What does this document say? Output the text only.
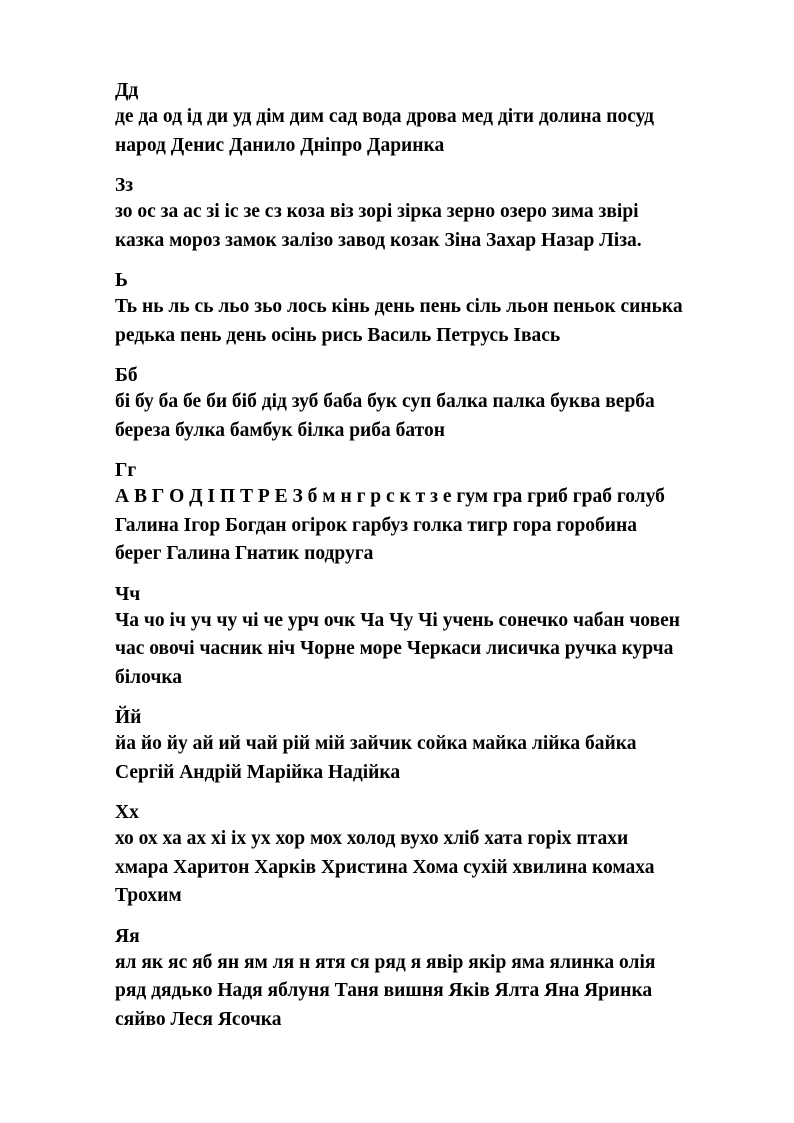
Дд
де да од ід ди уд дім дим сад вода дрова мед діти долина посуд
народ Денис Данило Дніпро Даринка
Зз
зо ос за ас зі іс зе сз коза віз зорі зірка зерно озеро зима звірі
казка мороз замок залізо завод козак Зіна Захар Назар Ліза.
Ь
Ть нь ль сь льо зьо лось кінь день пень сіль льон пеньок синька
редька пень день осінь рись Василь Петрусь Івась
Бб
бі бу ба бе би біб дід зуб баба бук суп балка палка буква верба
береза булка бамбук білка риба батон
Гг
А В Г О Д І П Т Р Е З б м н г р с к т з е гум гра гриб граб голуб
Галина Ігор Богдан огірок гарбуз голка тигр гора горобина
берег Галина Гнатик подруга
Чч
Ча чо іч уч чу чі че урч очк Ча Чу Чі учень сонечко чабан човен
час овочі часник ніч Чорне море Черкаси лисичка ручка курча
білочка
Йй
йа йо йу ай ий чай рій мій зайчик сойка майка лійка байка
Сергій Андрій Марійка Надійка
Хх
хо ох ха ах хі іх ух хор мох холод вухо хліб хата горіх птахи
хмара Харитон Харків Христина Хома сухій хвилина комаха
Трохим
Яя
ял як яс яб ян ям ля н ятя ся ряд я явір якір яма ялинка олія
ряд дядько Надя яблуня Таня вишня Яків Ялта Яна Яринка
сяйво Леся Ясочка
